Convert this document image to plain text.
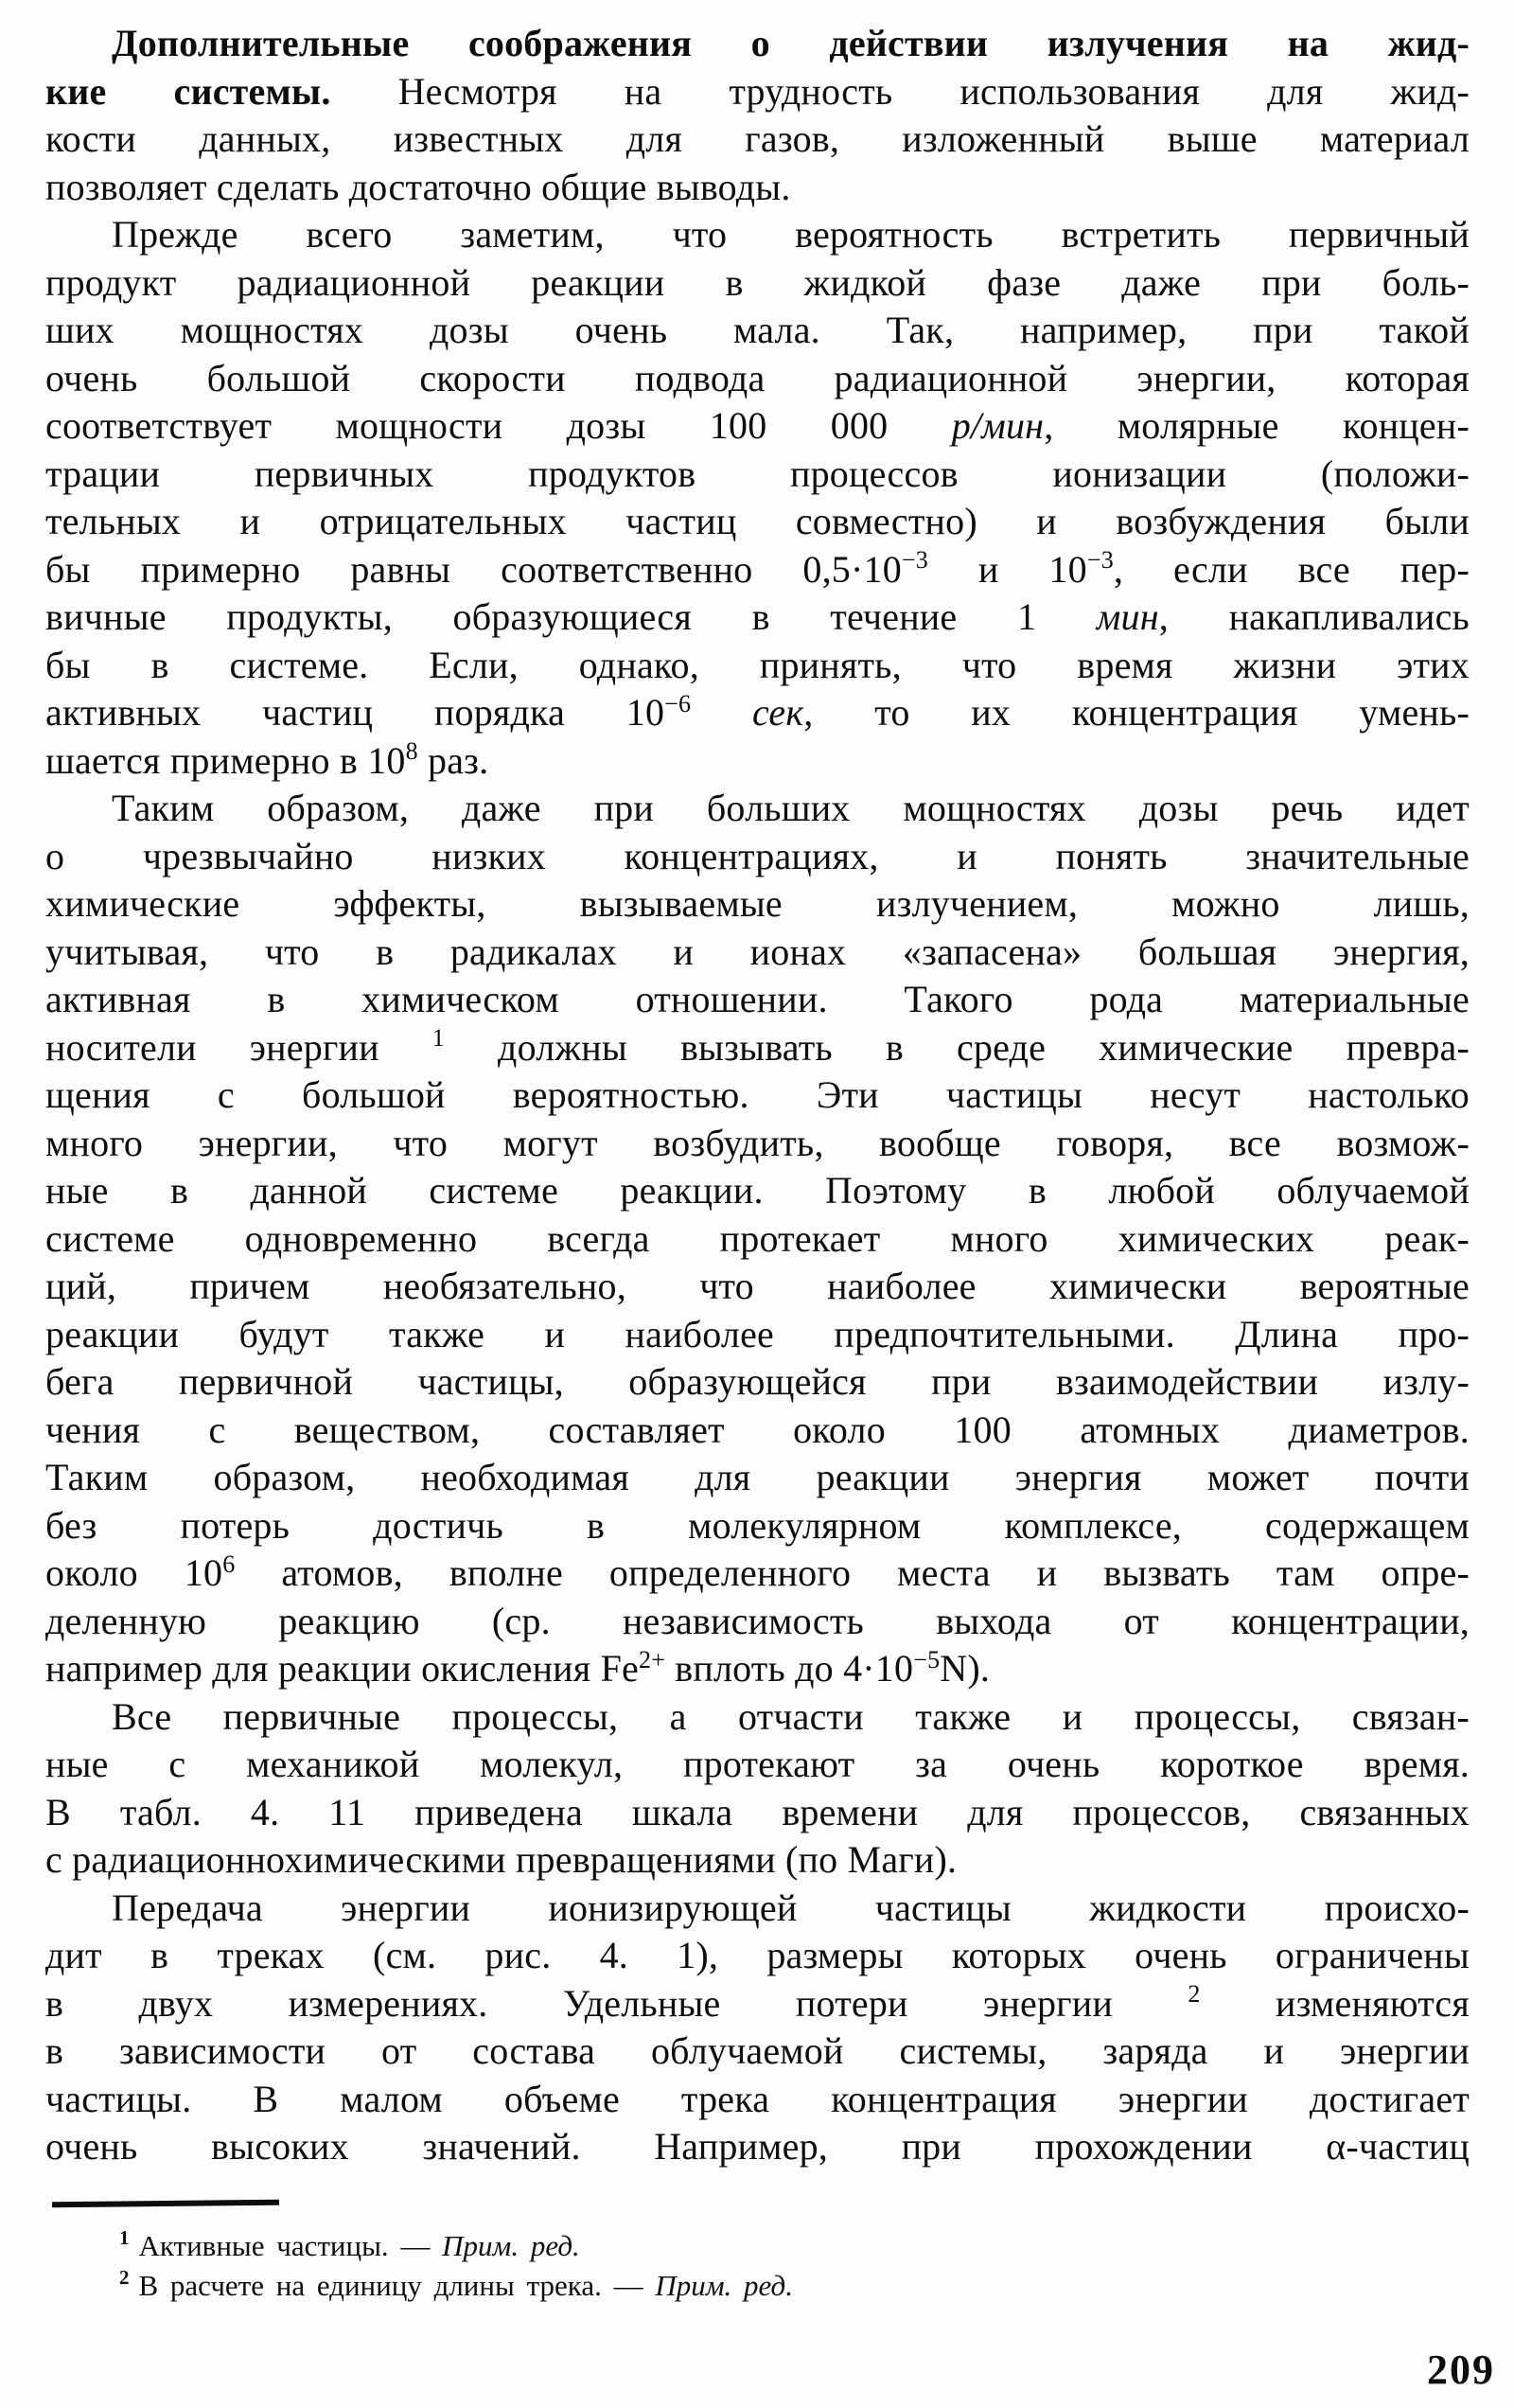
Дополнительные соображения о действии излучения на жид-
кие системы. Несмотря на трудность использования для жид-
кости данных, известных для газов, изложенный выше материал
позволяет сделать достаточно общие выводы.
Прежде всего заметим, что вероятность встретить первичный
продукт радиационной реакции в жидкой фазе даже при боль-
ших мощностях дозы очень мала. Так, например, при такой
очень большой скорости подвода радиационной энергии, которая
соответствует мощности дозы 100 000 р/мин, молярные концен-
трации первичных продуктов процессов ионизации (положи-
тельных и отрицательных частиц совместно) и возбуждения были
бы примерно равны соответственно $0,5\cdot 10^{-3}$ и $10^{-3}$, если все пер-
вичные продукты, образующиеся в течение 1 мин, накапливались
бы в системе. Если, однако, принять, что время жизни этих
активных частиц порядка $10^{-6}$ сек, то их концентрация умень-
шается примерно в $10^8$ раз.
Таким образом, даже при больших мощностях дозы речь идет
о чрезвычайно низких концентрациях, и понять значительные
химические эффекты, вызываемые излучением, можно лишь,
учитывая, что в радикалах и ионах «запасена» большая энергия,
активная в химическом отношении. Такого рода материальные
носители энергии $^1$ должны вызывать в среде химические превра-
щения с большой вероятностью. Эти частицы несут настолько
много энергии, что могут возбудить, вообще говоря, все возмож-
ные в данной системе реакции. Поэтому в любой облучаемой
системе одновременно всегда протекает много химических реак-
ций, причем необязательно, что наиболее химически вероятные
реакции будут также и наиболее предпочтительными. Длина про-
бега первичной частицы, образующейся при взаимодействии излу-
чения с веществом, составляет около 100 атомных диаметров.
Таким образом, необходимая для реакции энергия может почти
без потерь достичь в молекулярном комплексе, содержащем
около $10^6$ атомов, вполне определенного места и вызвать там опре-
деленную реакцию (ср. независимость выхода от концентрации,
например для реакции окисления $Fe^{2+}$ вплоть до $4\cdot 10^{-5}N$).
Все первичные процессы, а отчасти также и процессы, связан-
ные с механикой молекул, протекают за очень короткое время.
В табл. 4. 11 приведена шкала времени для процессов, связанных
с радиационнохимическими превращениями (по Маги).
Передача энергии ионизирующей частицы жидкости происхо-
дит в треках (см. рис. 4. 1), размеры которых очень ограничены
в двух измерениях. Удельные потери энергии $^2$ изменяются
в зависимости от состава облучаемой системы, заряда и энергии
частицы. В малом объеме трека концентрация энергии достигает
очень высоких значений. Например, при прохождении α-частиц
$^1$ Активные частицы. — Прим. ред.
$^2$ В расчете на единицу длины трека. — Прим. ред.
209
